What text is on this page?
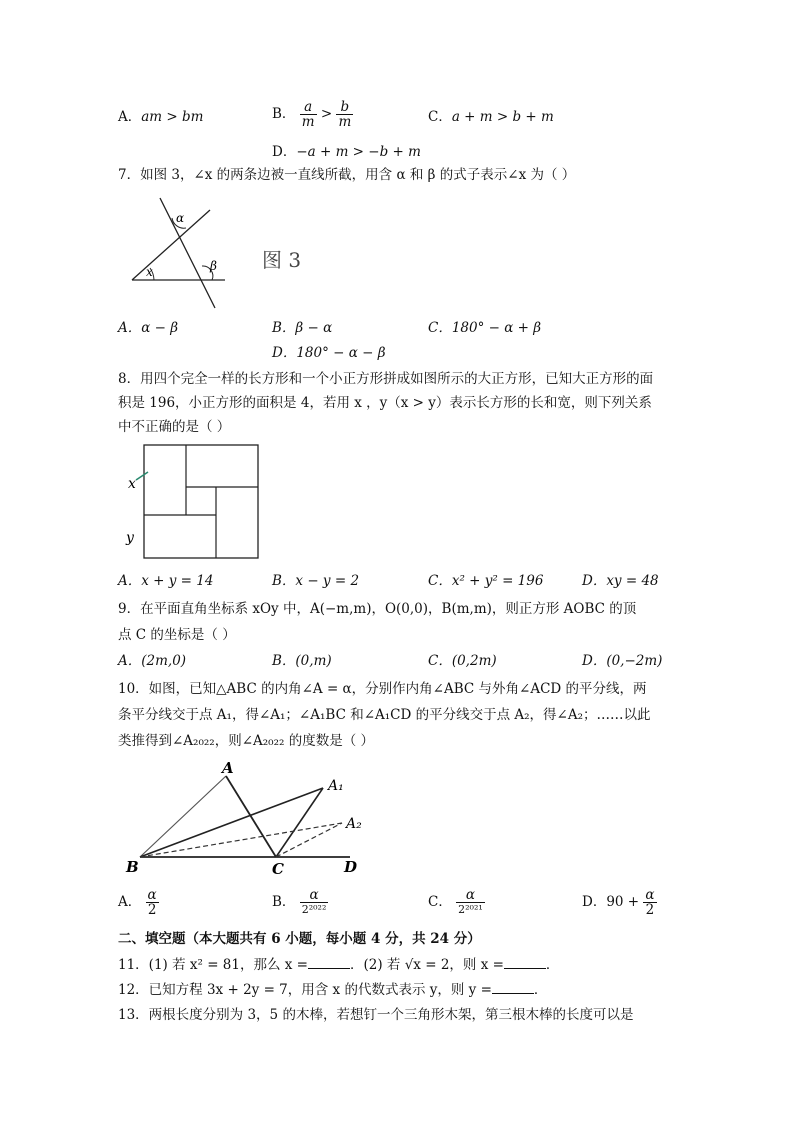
A．am > bm	B． $\frac{a}{m} > \frac{b}{m}$	C．a + m > b + m
D．−a + m > −b + m
7．如图 3，∠x 的两条边被一直线所截，用含 α 和 β 的式子表示∠x 为（ ）
x
α
β 图 3
A．α − β	B．β − α	C．180° − α + β
D．180° − α − β
8．用四个完全一样的长方形和一个小正方形拼成如图所示的大正方形，已知大正方形的面
积是 196，小正方形的面积是 4，若用 x ，y（x > y）表示长方形的长和宽，则下列关系
中不正确的是（ ）
x
y
A．x + y = 14	B．x − y = 2	C．x² + y² = 196	D．xy = 48
9．在平面直角坐标系 xOy 中，A(−m,m)，O(0,0)，B(m,m)，则正方形 AOBC 的顶
点 C 的坐标是（ ）
A．(2m,0)	B．(0,m)	C．(0,2m)	D．(0,−2m)
10．如图，已知△ABC 的内角∠A = α，分别作内角∠ABC 与外角∠ACD 的平分线，两
条平分线交于点 A₁，得∠A₁；∠A₁BC 和∠A₁CD 的平分线交于点 A₂，得∠A₂；……以此
类推得到∠A₂₀₂₂，则∠A₂₀₂₂ 的度数是（ ）
A
A₁
A₂
B	C	D
A． $\frac{\alpha}{2}$	B． $\frac{\alpha}{\text{2²⁰²²}}$	C． $\frac{\alpha}{\text{2²⁰²¹}}$	D．$90 + \frac{\alpha}{2}$
二、填空题（本大题共有 6 小题，每小题 4 分，共 24 分）
11．(1) 若 x² = 81，那么 x =	．(2) 若 √x = 2，则 x =	．
12．已知方程 3x + 2y = 7，用含 x 的代数式表示 y，则 y =	．
13．两根长度分别为 3，5 的木棒，若想钉一个三角形木架，第三根木棒的长度可以是
